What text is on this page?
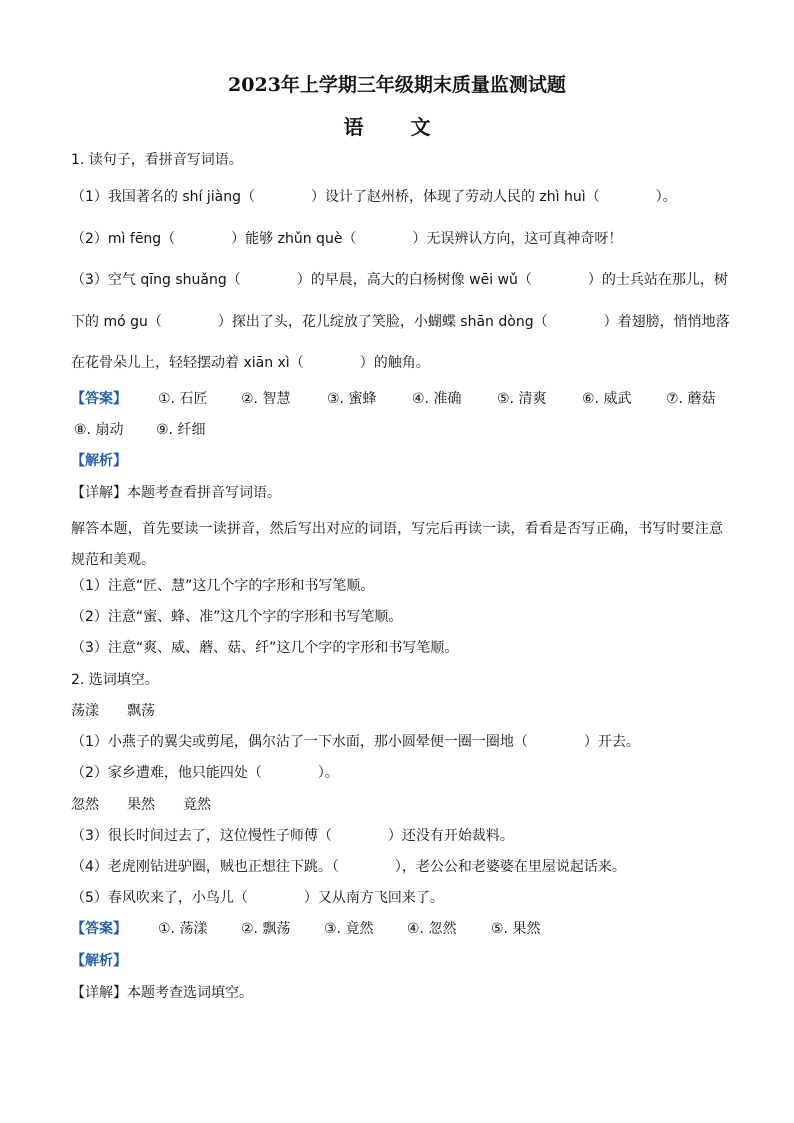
2023年上学期三年级期末质量监测试题
语 文
1. 读句子，看拼音写词语。
（1）我国著名的 shí jiàng（　　　　）设计了赵州桥，体现了劳动人民的 zhì huì（　　　　）。
（2）mì fēng（　　　　）能够 zhǔn què（　　　　）无误辨认方向，这可真神奇呀！
（3）空气 qīng shuǎng（　　　　）的早晨，高大的白杨树像 wēi wǔ（　　　　）的士兵站在那儿，树
下的 mó gu（　　　　）探出了头，花儿绽放了笑脸，小蝴蝶 shān dòng（　　　　）着翅膀，悄悄地落
在花骨朵儿上，轻轻摆动着 xiān xì（　　　　）的触角。
【答案】 ①. 石匠 ②. 智慧	③. 蜜蜂	④. 准确	⑤. 清爽	⑥. 威武 ⑦. 蘑菇
⑧. 扇动 ⑨. 纤细
【解析】
【详解】本题考查看拼音写词语。
解答本题，首先要读一读拼音，然后写出对应的词语，写完后再读一读，看看是否写正确，书写时要注意规范和美观。
（1）注意“匠、慧”这几个字的字形和书写笔顺。
（2）注意“蜜、蜂、准”这几个字的字形和书写笔顺。
（3）注意“爽、威、蘑、菇、纤”这几个字的字形和书写笔顺。
2. 选词填空。
荡漾　　飘荡
（1）小燕子的翼尖或剪尾，偶尔沾了一下水面，那小圆晕便一圈一圈地（　　　　）开去。
（2）家乡遭难，他只能四处（　　　　）。
忽然　　果然　　竟然
（3）很长时间过去了，这位慢性子师傅（　　　　）还没有开始裁料。
（4）老虎刚钻进驴圈，贼也正想往下跳。（　　　　），老公公和老婆婆在里屋说起话来。
（5）春风吹来了，小鸟儿（　　　　）又从南方飞回来了。
【答案】 ①. 荡漾 ②. 飘荡 ③. 竟然 ④. 忽然 ⑤. 果然
【解析】
【详解】本题考查选词填空。
